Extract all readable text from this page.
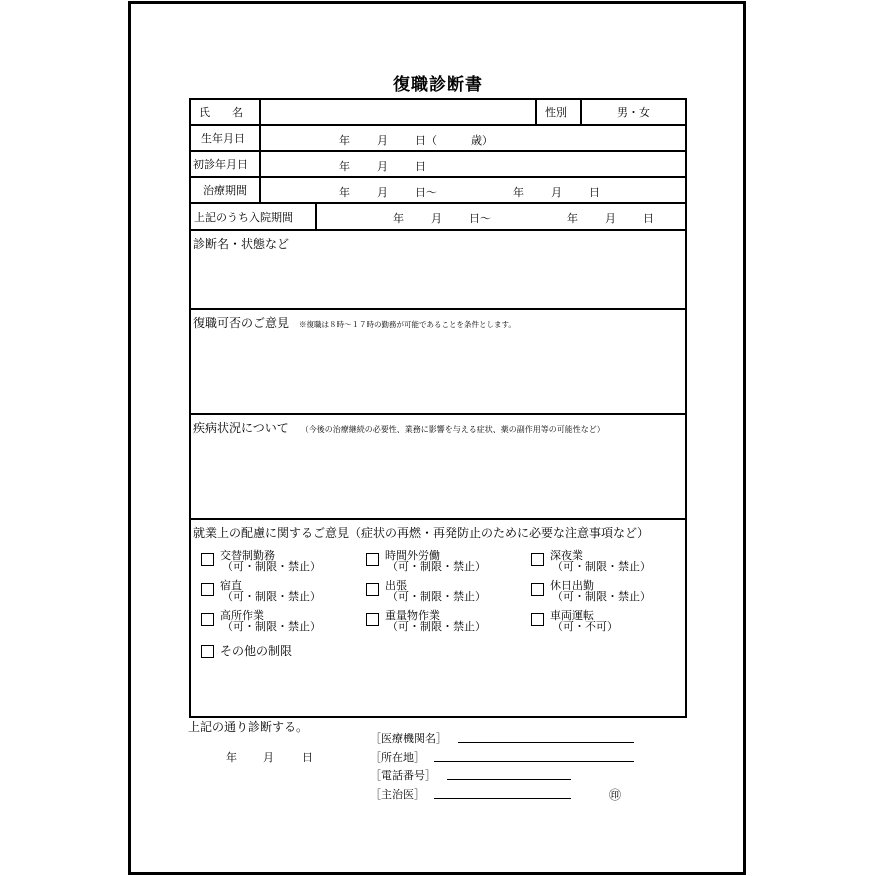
復職診断書
氏　　名	性別	男・女
生年月日	年 月 日（	歳）
初診年月日	年 月 日
治療期間	年 月 日〜	年 月 日
上記のうち入院期間	年 月 日〜	年 月 日
診断名・状態など
復職可否のご意見 ※復職は８時〜１７時の勤務が可能であることを条件とします。
疾病状況について （今後の治療継続の必要性、業務に影響を与える症状、薬の副作用等の可能性など）
就業上の配慮に関するご意見（症状の再燃・再発防止のために必要な注意事項など）
交替制勤務
（可・制限・禁止）
時間外労働
（可・制限・禁止）
深夜業
（可・制限・禁止）
宿直
（可・制限・禁止）
出張
（可・制限・禁止）
休日出勤
（可・制限・禁止）
高所作業
（可・制限・禁止）
重量物作業
（可・制限・禁止）
車両運転
（可・不可）
その他の制限
上記の通り診断する。
年 月	日
［医療機関名］
［所在地］
［電話番号］
［主治医］	㊞
